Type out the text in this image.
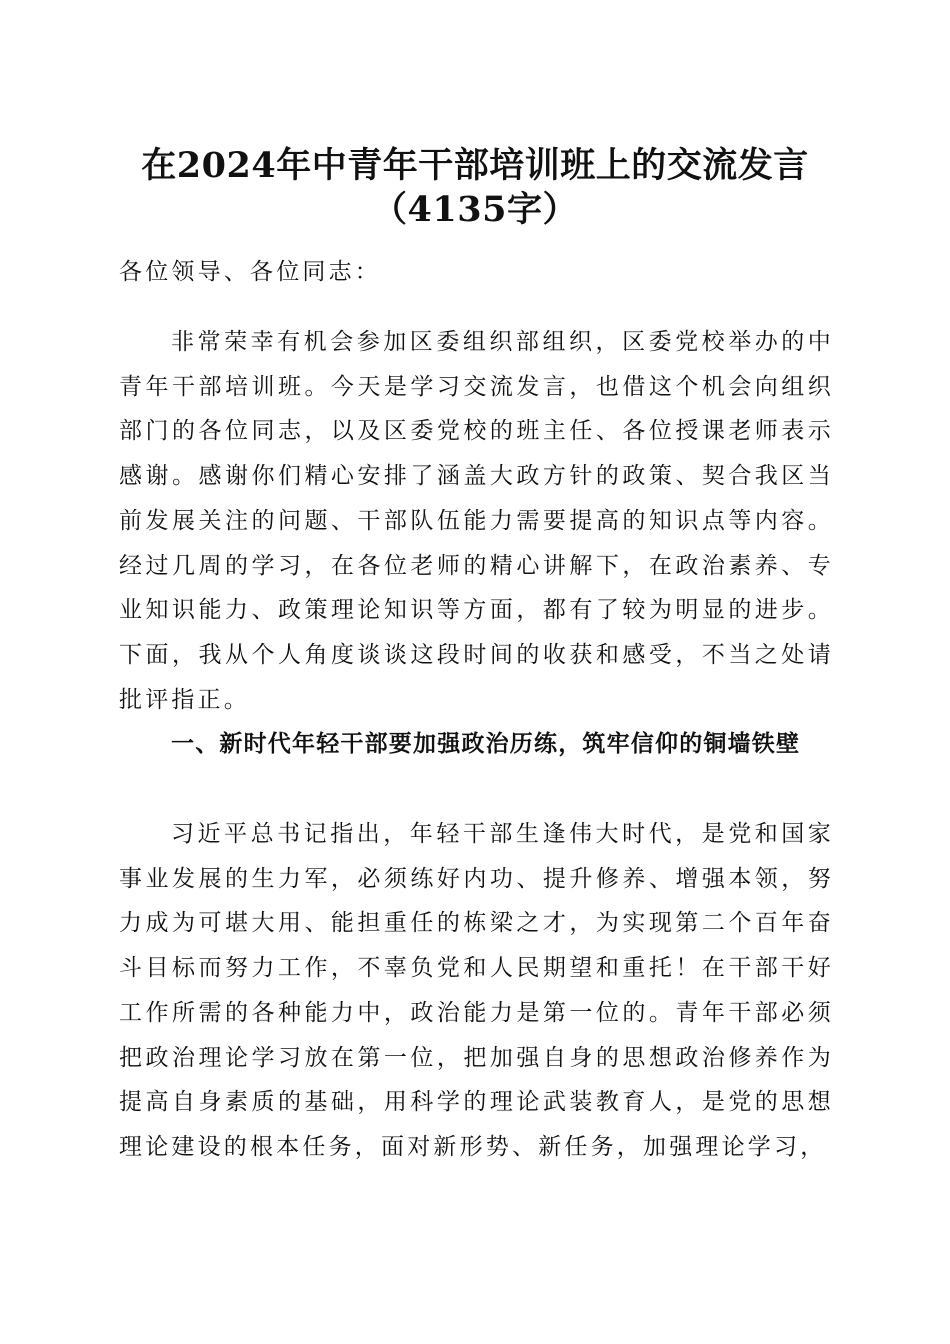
在2024年中青年干部培训班上的交流发言
（4135字）
各位领导、各位同志：
非常荣幸有机会参加区委组织部组织，区委党校举办的中青年干部培训班。今天是学习交流发言，也借这个机会向组织部门的各位同志，以及区委党校的班主任、各位授课老师表示感谢。感谢你们精心安排了涵盖大政方针的政策、契合我区当前发展关注的问题、干部队伍能力需要提高的知识点等内容。经过几周的学习，在各位老师的精心讲解下，在政治素养、专业知识能力、政策理论知识等方面，都有了较为明显的进步。下面，我从个人角度谈谈这段时间的收获和感受，不当之处请批评指正。
一、新时代年轻干部要加强政治历练，筑牢信仰的铜墙铁壁
习近平总书记指出，年轻干部生逢伟大时代，是党和国家事业发展的生力军，必须练好内功、提升修养、增强本领，努力成为可堪大用、能担重任的栋梁之才，为实现第二个百年奋斗目标而努力工作，不辜负党和人民期望和重托！在干部干好工作所需的各种能力中，政治能力是第一位的。青年干部必须把政治理论学习放在第一位，把加强自身的思想政治修养作为提高自身素质的基础，用科学的理论武装教育人，是党的思想理论建设的根本任务，面对新形势、新任务，加强理论学习，
